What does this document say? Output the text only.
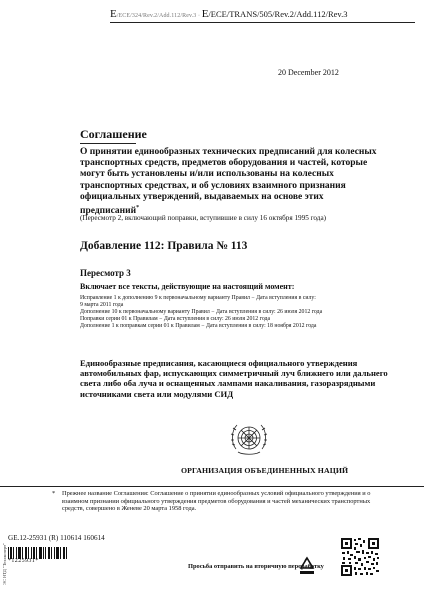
E/ECE/324/Rev.2/Add.112/Rev.3 · E/ECE/TRANS/505/Rev.2/Add.112/Rev.3
20 December 2012
Соглашение
О принятии единообразных технических предписаний для колесных транспортных средств, предметов оборудования и частей, которые могут быть установлены и/или использованы на колесных транспортных средствах, и об условиях взаимного признания официальных утверждений, выдаваемых на основе этих предписаний*
(Пересмотр 2, включающий поправки, вступившие в силу 16 октября 1995 года)
Добавление 112: Правила № 113
Пересмотр 3
Включает все тексты, действующие на настоящий момент:
Исправление 1 к дополнению 9 к первоначальному варианту Правил − Дата вступления в силу:
9 марта 2011 года
Дополнение 10 к первоначальному варианту Правил − Дата вступления в силу: 26 июля 2012 года
Поправки серии 01 к Правилам − Дата вступления в силу: 26 июля 2012 года
Дополнение 1 к поправкам серии 01 к Правилам − Дата вступления в силу: 18 ноября 2012 года
Единообразные предписания, касающиеся официального утверждения автомобильных фар, испускающих симметричный луч ближнего или дальнего света либо оба луча и оснащенных лампами накаливания, газоразрядными источниками света или модулями СИД
ОРГАНИЗАЦИЯ ОБЪЕДИНЕННЫХ НАЦИЙ
* Прежнее название Соглашения: Соглашение о принятии единообразных условий официального утверждения и о взаимном признании официального утверждения предметов оборудования и частей механических транспортных средств, совершено в Женеве 20 марта 1958 года.
GE.12-25931 (R) 110614 160614
*1225931*
Просьба отправить на вторичную переработку
ЭС НТД "Техэксперт"
